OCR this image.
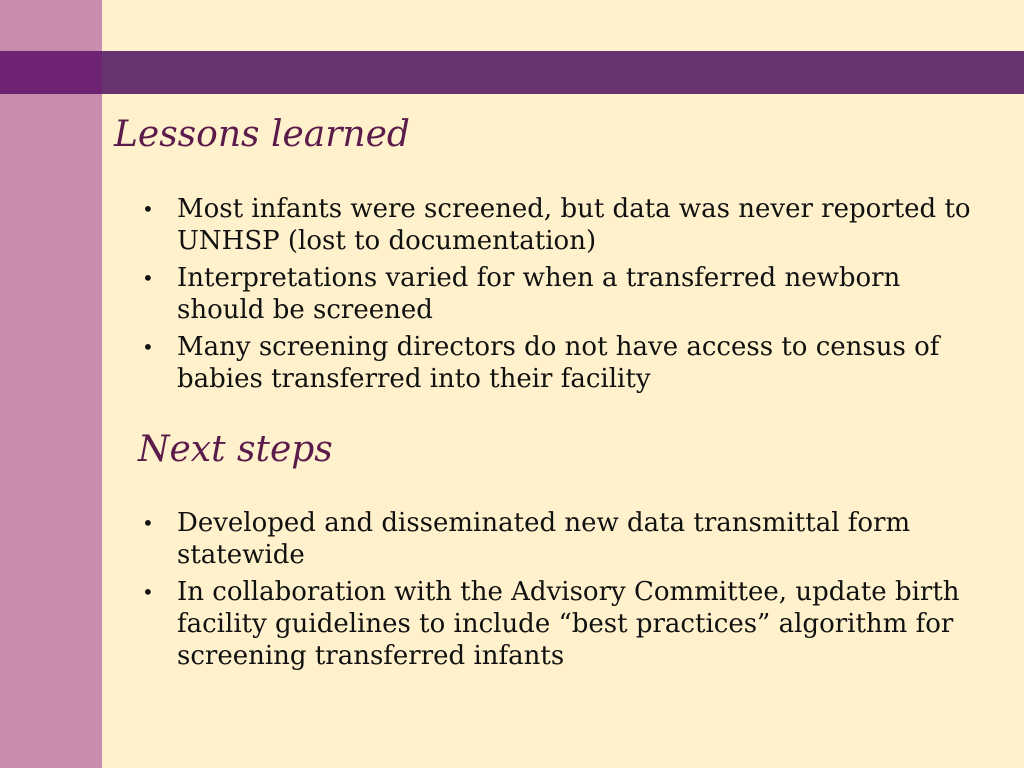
Lessons learned
• Most infants were screened, but data was never reported to UNHSP (lost to documentation)
• Interpretations varied for when a transferred newborn should be screened
• Many screening directors do not have access to census of babies transferred into their facility
Next steps
• Developed and disseminated new data transmittal form statewide
• In collaboration with the Advisory Committee, update birth facility guidelines to include “best practices” algorithm for screening transferred infants
